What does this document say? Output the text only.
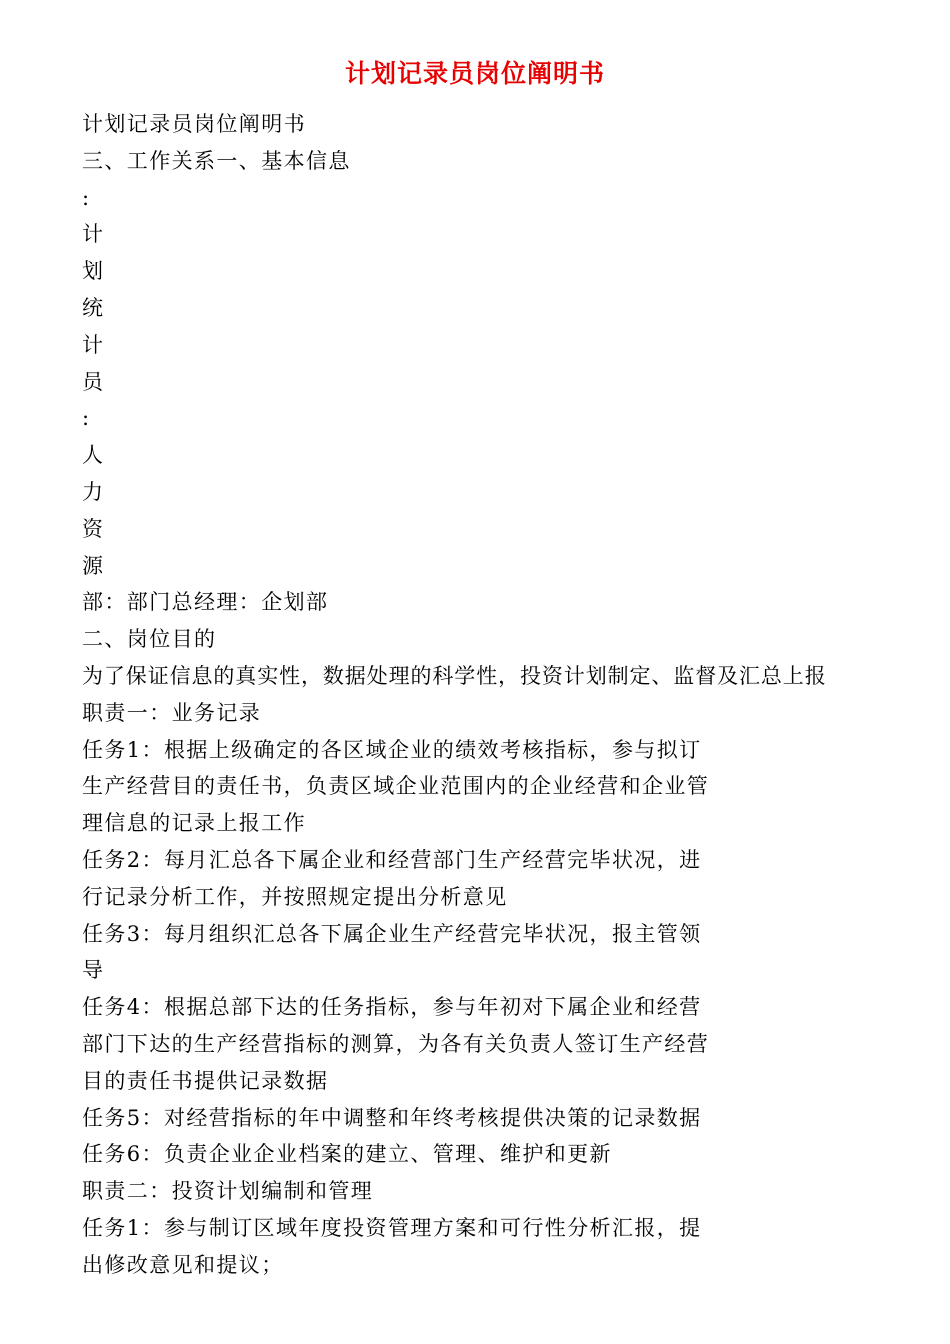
计划记录员岗位阐明书
计划记录员岗位阐明书
三、工作关系一、基本信息
:
计
划
统
计
员
:
人
力
资
源
部：部门总经理：企划部
二、岗位目的
为了保证信息的真实性，数据处理的科学性，投资计划制定、监督及汇总上报
职责一：业务记录
任务1：根据上级确定的各区域企业的绩效考核指标，参与拟订
生产经营目的责任书，负责区域企业范围内的企业经营和企业管
理信息的记录上报工作
任务2：每月汇总各下属企业和经营部门生产经营完毕状况，进
行记录分析工作，并按照规定提出分析意见
任务3：每月组织汇总各下属企业生产经营完毕状况，报主管领
导
任务4：根据总部下达的任务指标，参与年初对下属企业和经营
部门下达的生产经营指标的测算，为各有关负责人签订生产经营
目的责任书提供记录数据
任务5：对经营指标的年中调整和年终考核提供决策的记录数据
任务6：负责企业企业档案的建立、管理、维护和更新
职责二：投资计划编制和管理
任务1：参与制订区域年度投资管理方案和可行性分析汇报，提
出修改意见和提议；
